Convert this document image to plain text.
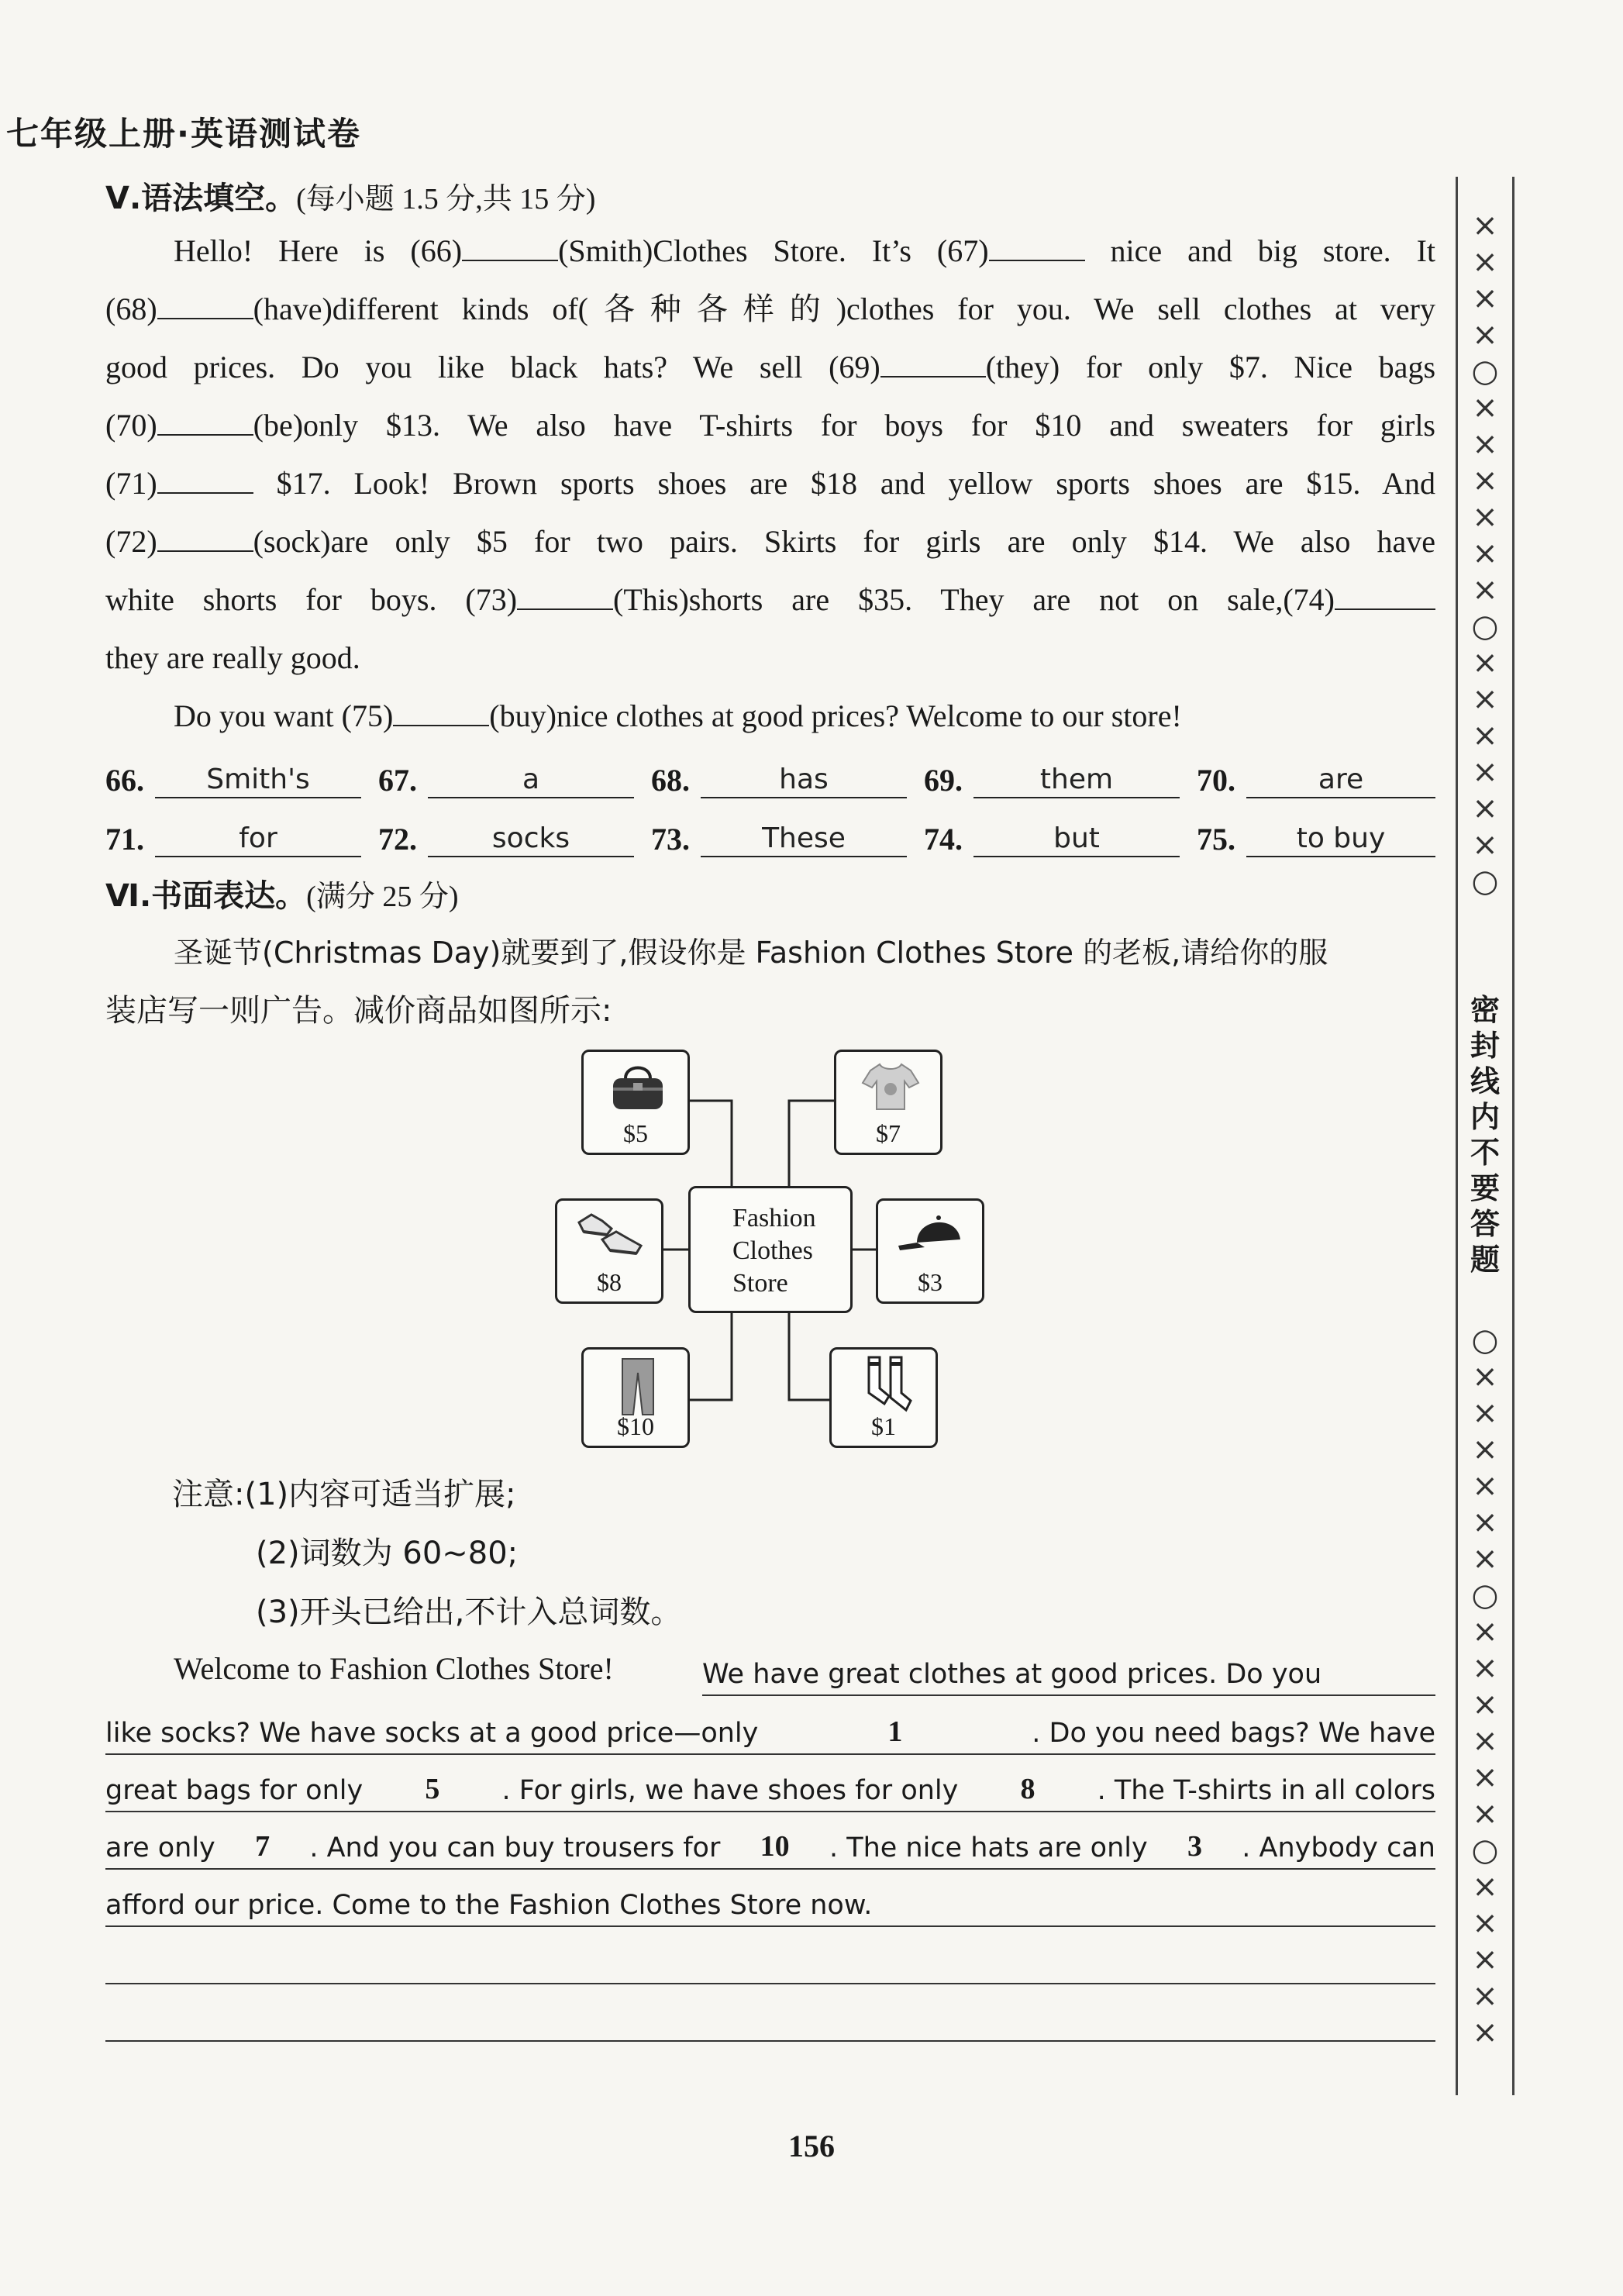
七年级上册·英语测试卷
Ⅴ.语法填空。(每小题 1.5 分,共 15 分)
Hello! Here is (66)	(Smith)Clothes Store. It’s (67)	nice and big store. It
(68)	(have)different kinds of(各种各样的)clothes for you. We sell clothes at very
good prices. Do you like black hats? We sell (69)	(they) for only $7. Nice bags
(70)	(be)only $13. We also have T-shirts for boys for $10 and sweaters for girls
(71)	$17. Look! Brown sports shoes are $18 and yellow sports shoes are $15. And
(72)	(sock)are only $5 for two pairs. Skirts for girls are only $14. We also have
white shorts for boys. (73)	(This)shorts are $35. They are not on sale,(74)
they are really good.
Do you want (75)	(buy)nice clothes at good prices? Welcome to our store!
66.	Smith's	67.	a	68.	has	69.	them	70.	are
71.	for	72.	socks	73.	These	74.	but	75.	to buy
Ⅵ.书面表达。(满分 25 分)
圣诞节(Christmas Day)就要到了,假设你是 Fashion Clothes Store 的老板,请给你的服
装店写一则广告。减价商品如图所示:
$5	$7
$8
Fashion
Clothes
Store	$3
$10	$1
注意:(1)内容可适当扩展;
(2)词数为 60~80;
(3)开头已给出,不计入总词数。
Welcome to Fashion Clothes Store!	We have great clothes at good prices. Do you
like socks? We have socks at a good price—only	1	. Do you need bags? We have
great bags for only 5 . For girls, we have shoes for only 8 . The T-shirts in all colors
are only 7 . And you can buy trousers for 10 . The nice hats are only 3 . Anybody can
afford our price. Come to the Fashion Clothes Store now.
×
×
×
×
○
×
×
×
×
×
×
○
×
×
×
×
×
×
○
密
封
线
内
不
要
答
题
○
×
×
×
×
×
×
○
×
×
×
×
×
×
○
×
×
×
×
×
156
